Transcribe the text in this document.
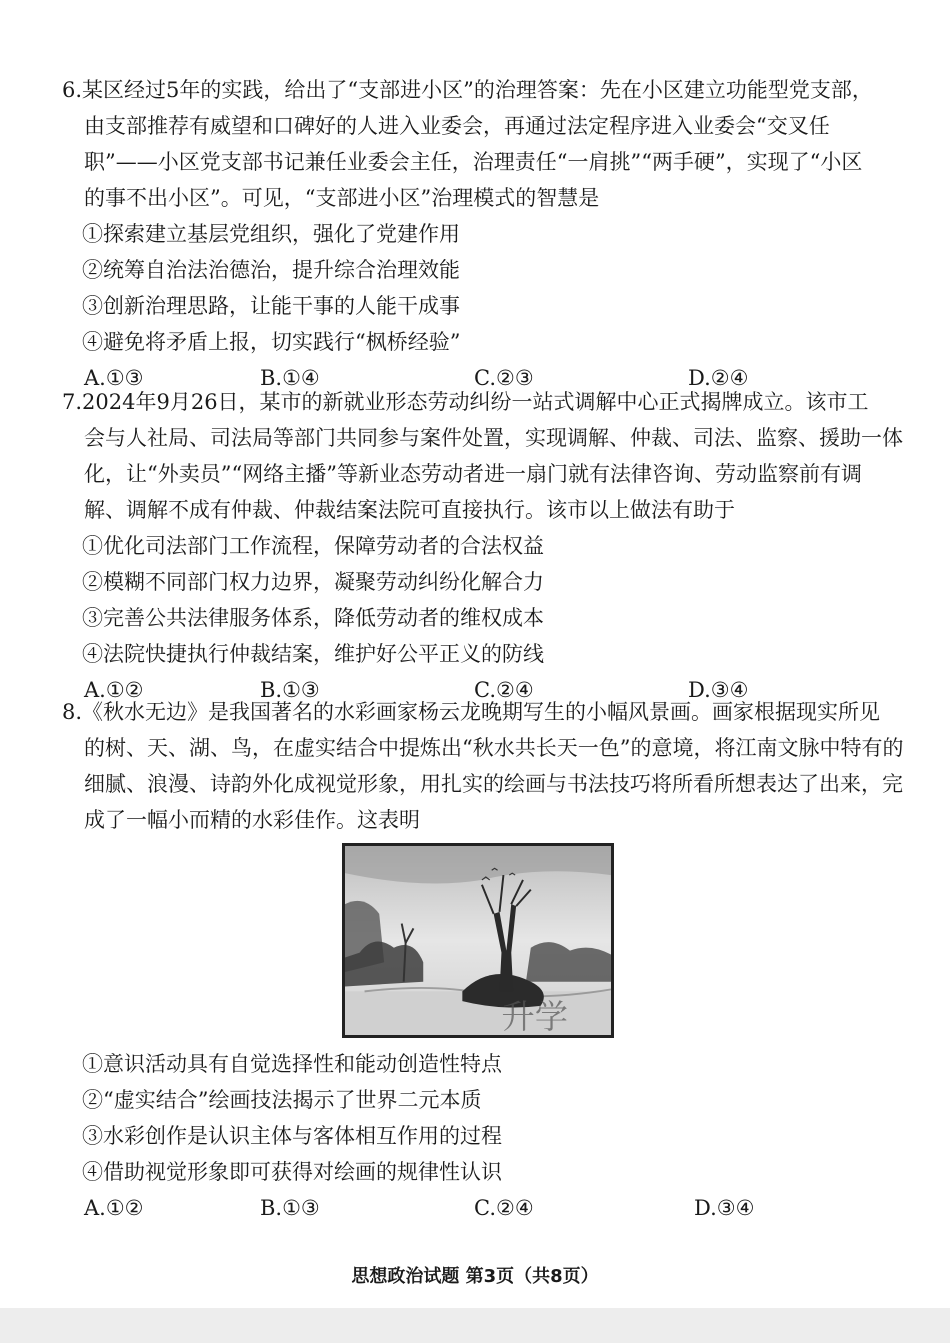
6.某区经过5年的实践，给出了“支部进小区”的治理答案：先在小区建立功能型党支部，
由支部推荐有威望和口碑好的人进入业委会，再通过法定程序进入业委会“交叉任
职”——小区党支部书记兼任业委会主任，治理责任“一肩挑”“两手硬”，实现了“小区
的事不出小区”。可见，“支部进小区”治理模式的智慧是
①探索建立基层党组织，强化了党建作用
②统筹自治法治德治，提升综合治理效能
③创新治理思路，让能干事的人能干成事
④避免将矛盾上报，切实践行“枫桥经验”
A.①③	B.①④	C.②③	D.②④
7.2024年9月26日，某市的新就业形态劳动纠纷一站式调解中心正式揭牌成立。该市工
会与人社局、司法局等部门共同参与案件处置，实现调解、仲裁、司法、监察、援助一体
化，让“外卖员”“网络主播”等新业态劳动者进一扇门就有法律咨询、劳动监察前有调
解、调解不成有仲裁、仲裁结案法院可直接执行。该市以上做法有助于
①优化司法部门工作流程，保障劳动者的合法权益
②模糊不同部门权力边界，凝聚劳动纠纷化解合力
③完善公共法律服务体系，降低劳动者的维权成本
④法院快捷执行仲裁结案，维护好公平正义的防线
A.①②	B.①③	C.②④	D.③④
8.《秋水无边》是我国著名的水彩画家杨云龙晚期写生的小幅风景画。画家根据现实所见
的树、天、湖、鸟，在虚实结合中提炼出“秋水共长天一色”的意境，将江南文脉中特有的
细腻、浪漫、诗韵外化成视觉形象，用扎实的绘画与书法技巧将所看所想表达了出来，完
成了一幅小而精的水彩佳作。这表明
升学
①意识活动具有自觉选择性和能动创造性特点
②“虚实结合”绘画技法揭示了世界二元本质
③水彩创作是认识主体与客体相互作用的过程
④借助视觉形象即可获得对绘画的规律性认识
A.①②	B.①③	C.②④	D.③④
思想政治试题 第3页（共8页）
